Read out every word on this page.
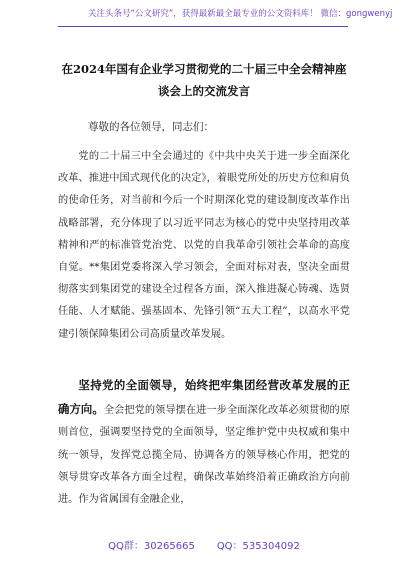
关注头条号“公文研究”，获得最新最全最专业的公文资料库！ 微信：gongwenyj
在2024年国有企业学习贯彻党的二十届三中全会精神座谈会上的交流发言
尊敬的各位领导，同志们：
党的二十届三中全会通过的《中共中央关于进一步全面深化改革、推进中国式现代化的决定》，着眼党所处的历史方位和肩负的使命任务，对当前和今后一个时期深化党的建设制度改革作出战略部署，充分体现了以习近平同志为核心的党中央坚持用改革精神和严的标准管党治党、以党的自我革命引领社会革命的高度自觉。**集团党委将深入学习领会，全面对标对表，坚决全面贯彻落实到集团党的建设全过程各方面，深入推进凝心铸魂、选贤任能、人才赋能、强基固本、先锋引领“五大工程”，以高水平党建引领保障集团公司高质量改革发展。
坚持党的全面领导，始终把牢集团经营改革发展的正确方向。全会把党的领导摆在进一步全面深化改革必须贯彻的原则首位，强调要坚持党的全面领导，坚定维护党中央权威和集中统一领导，发挥党总揽全局、协调各方的领导核心作用，把党的领导贯穿改革各方面全过程，确保改革始终沿着正确政治方向前进。作为省属国有金融企业，
QQ群：30265665 QQ：535304092
